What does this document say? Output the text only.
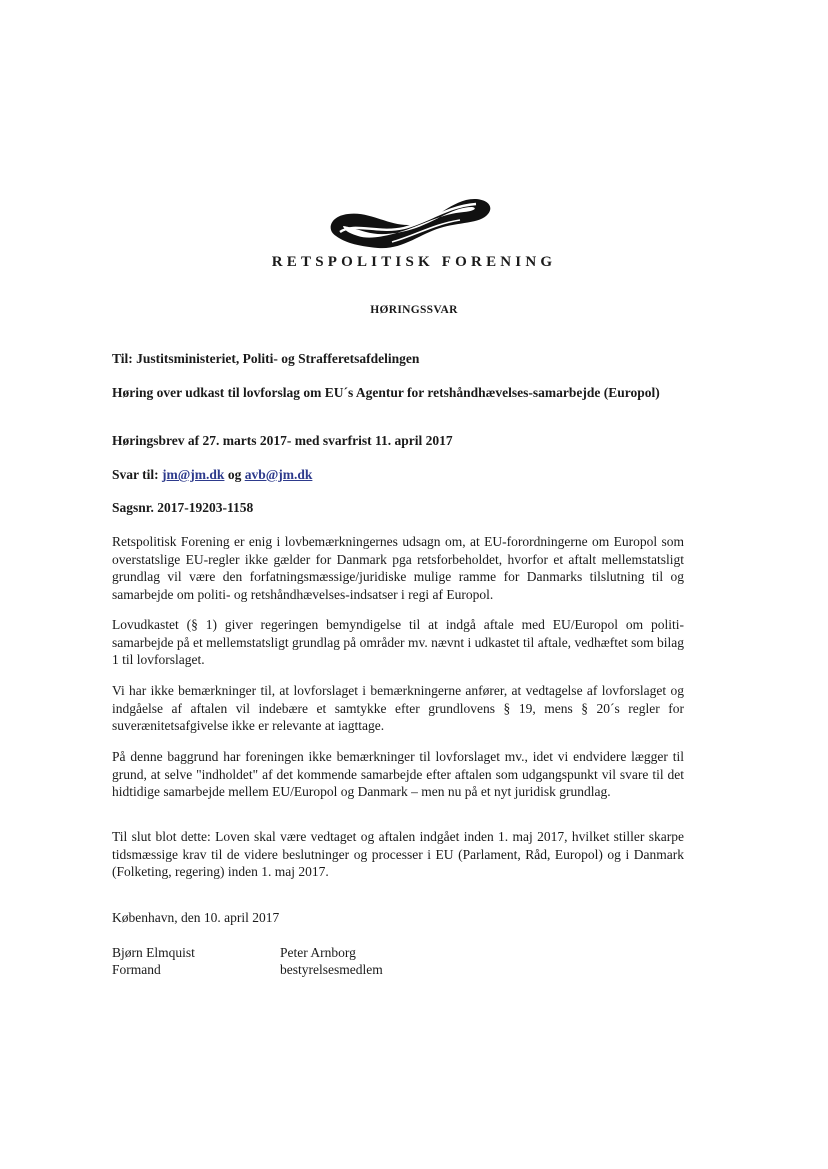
RETSPOLITISK FORENING
HØRINGSSVAR
Til: Justitsministeriet, Politi- og Strafferetsafdelingen
Høring over udkast til lovforslag om EU´s Agentur for retshåndhævelses-samarbejde (Europol)
Høringsbrev af 27. marts 2017- med svarfrist 11. april 2017
Svar til: jm@jm.dk og avb@jm.dk
Sagsnr. 2017-19203-1158

Retspolitisk Forening er enig i lovbemærkningernes udsagn om, at EU-forordningerne om Europol som overstatslige EU-regler ikke gælder for Danmark pga retsforbeholdet, hvorfor et aftalt mellemstatsligt grundlag vil være den forfatningsmæssige/juridiske mulige ramme for Danmarks tilslutning til og samarbejde om politi- og retshåndhævelses-indsatser i regi af Europol.

Lovudkastet (§ 1) giver regeringen bemyndigelse til at indgå aftale med EU/Europol om politi-samarbejde på et mellemstatsligt grundlag på områder mv. nævnt i udkastet til aftale, vedhæftet som bilag 1 til lovforslaget.

Vi har ikke bemærkninger til, at lovforslaget i bemærkningerne anfører, at vedtagelse af lovforslaget og indgåelse af aftalen vil indebære et samtykke efter grundlovens § 19, mens § 20´s regler for suverænitetsafgivelse ikke er relevante at iagttage.

På denne baggrund har foreningen ikke bemærkninger til lovforslaget mv., idet vi endvidere lægger til grund, at selve "indholdet" af det kommende samarbejde efter aftalen som udgangspunkt vil svare til det hidtidige samarbejde mellem EU/Europol og Danmark – men nu på et nyt juridisk grundlag.

Til slut blot dette: Loven skal være vedtaget og aftalen indgået inden 1. maj 2017, hvilket stiller skarpe tidsmæssige krav til de videre beslutninger og processer i EU (Parlament, Råd, Europol) og i Danmark (Folketing, regering) inden 1. maj 2017.

København, den 10. april 2017
Bjørn Elmquist
Formand
Peter Arnborg
bestyrelsesmedlem
